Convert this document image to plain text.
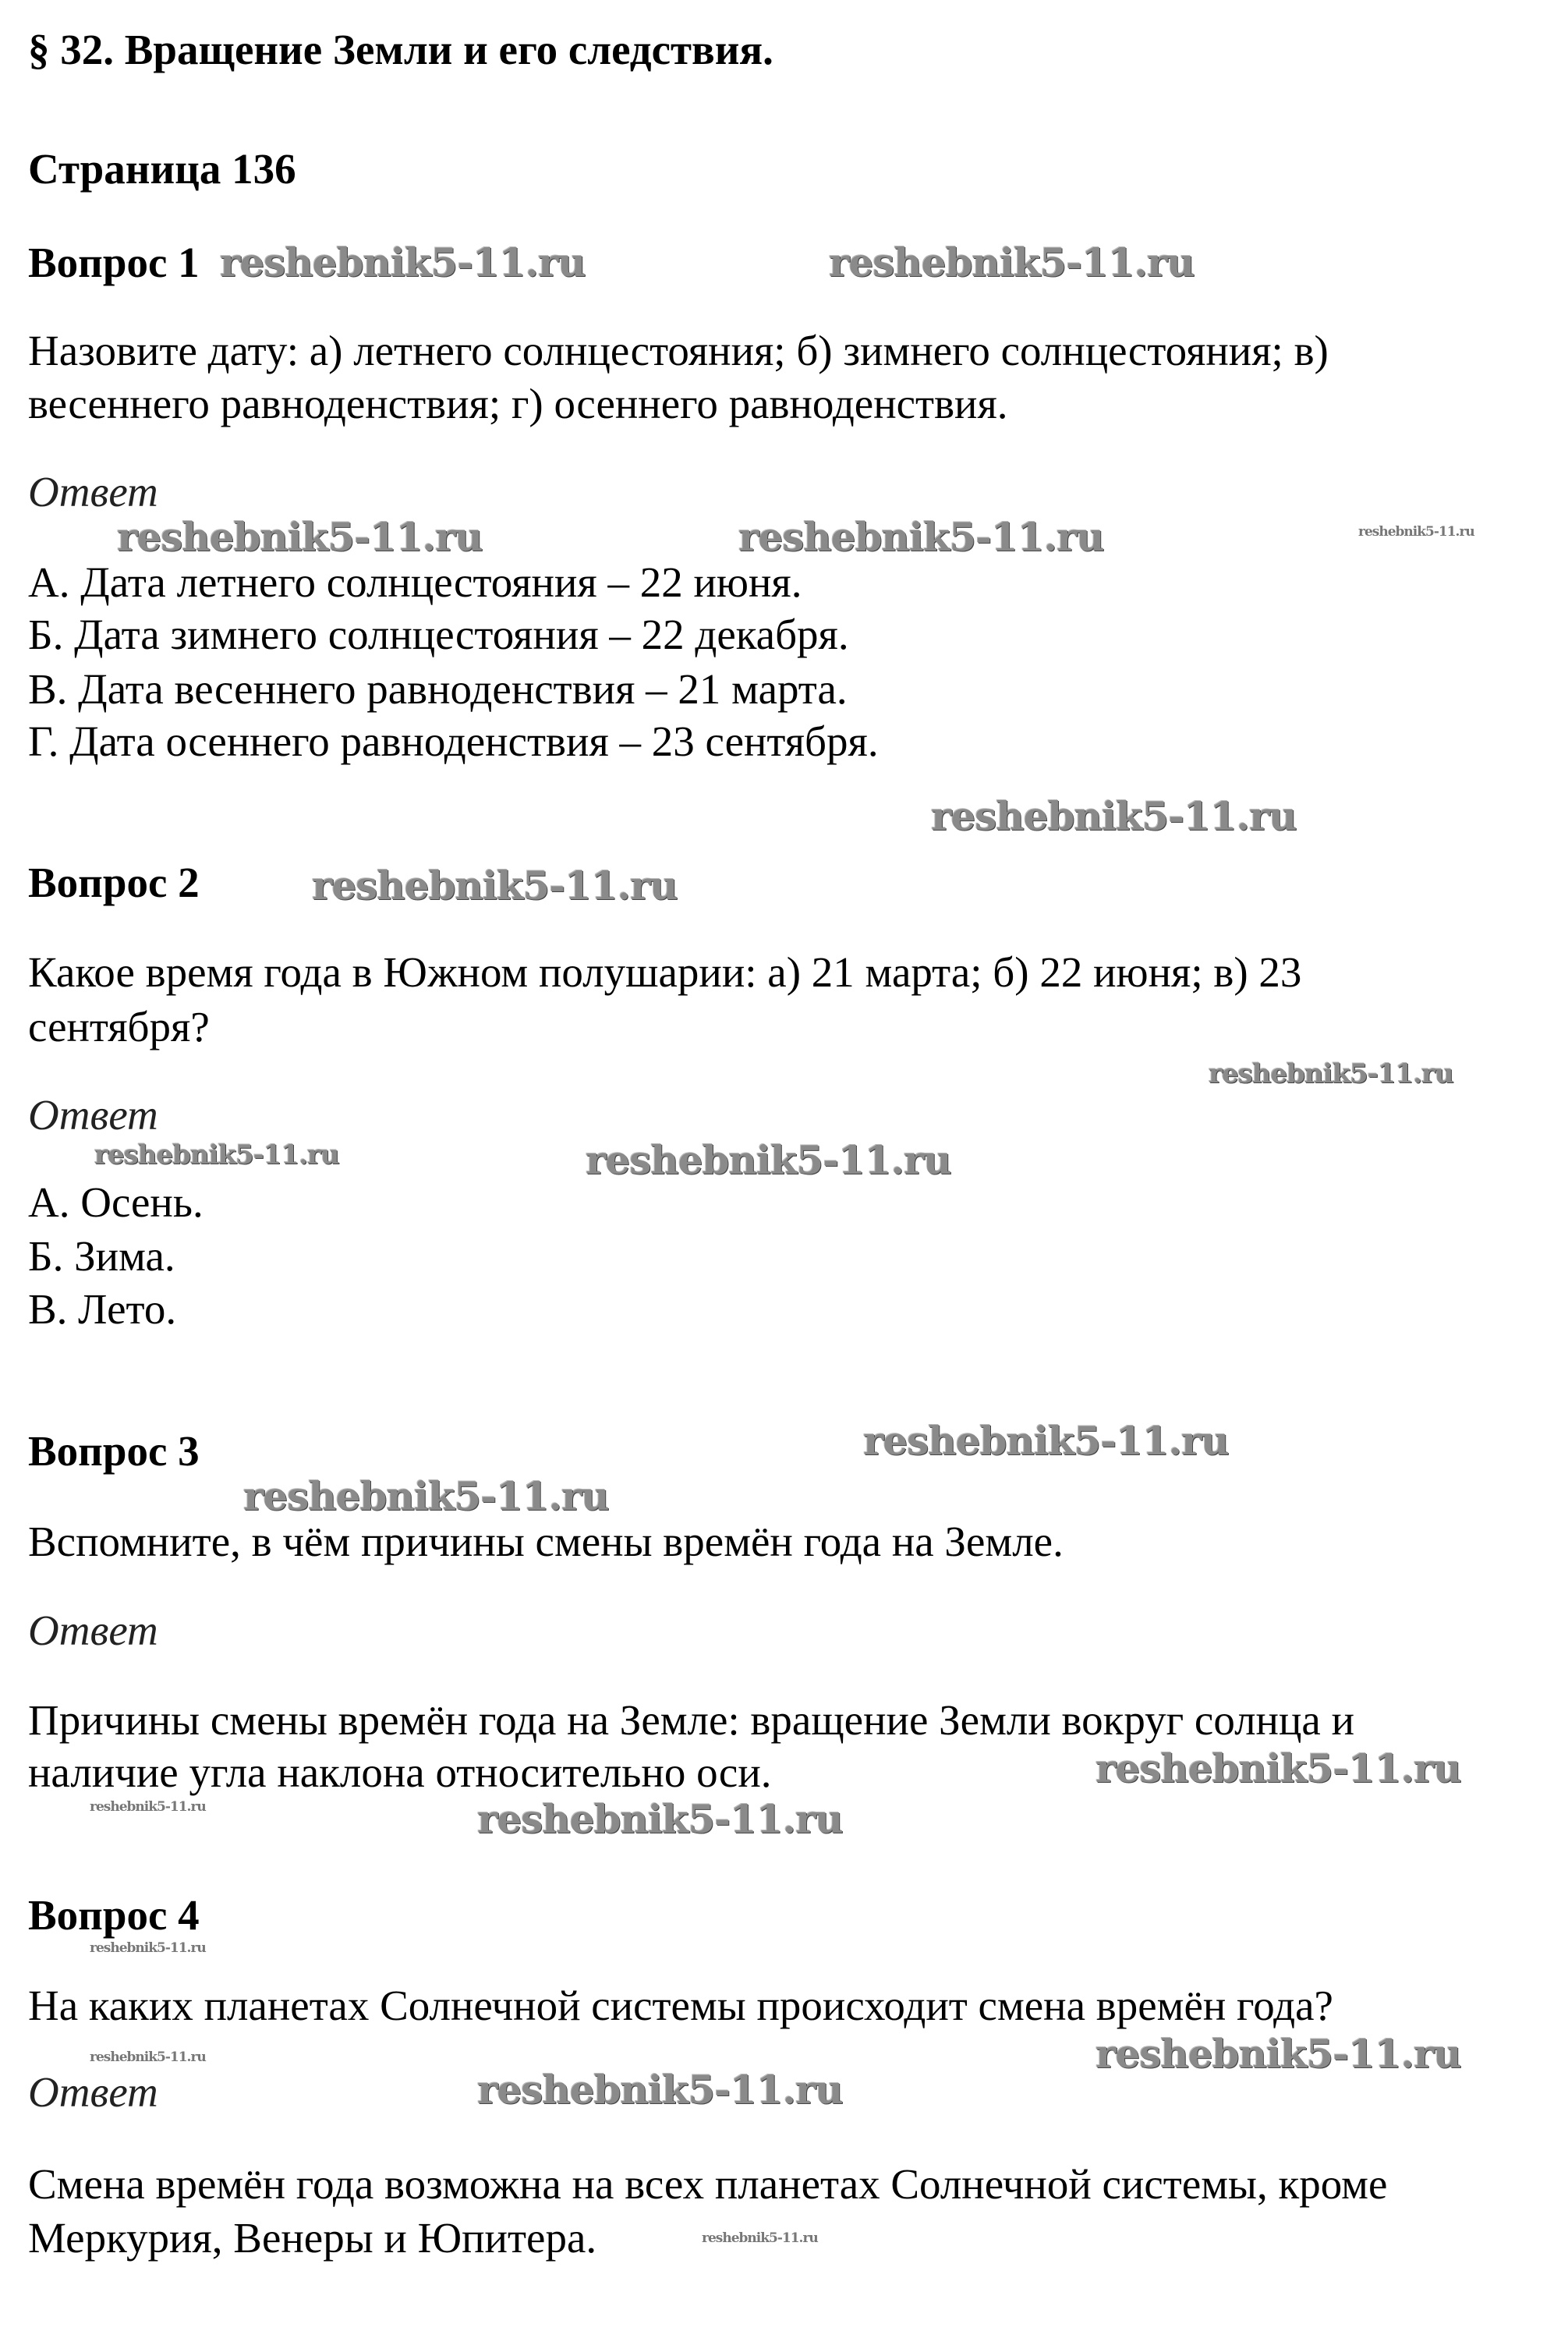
§ 32. Вращение Земли и его следствия.
Страница 136
Вопрос 1
Назовите дату: а) летнего солнцестояния; б) зимнего солнцестояния; в)
весеннего равноденствия; г) осеннего равноденствия.
Ответ
А. Дата летнего солнцестояния – 22 июня.
Б. Дата зимнего солнцестояния – 22 декабря.
В. Дата весеннего равноденствия – 21 марта.
Г. Дата осеннего равноденствия – 23 сентября.
Вопрос 2
Какое время года в Южном полушарии: а) 21 марта; б) 22 июня; в) 23
сентября?
Ответ
А. Осень.
Б. Зима.
В. Лето.
Вопрос 3
Вспомните, в чём причины смены времён года на Земле.
Ответ
Причины смены времён года на Земле: вращение Земли вокруг солнца и
наличие угла наклона относительно оси.
Вопрос 4
На каких планетах Солнечной системы происходит смена времён года?
Ответ
Смена времён года возможна на всех планетах Солнечной системы, кроме
Меркурия, Венеры и Юпитера.
reshebnik5-11.ru	reshebnik5-11.ru
reshebnik5-11.ru	reshebnik5-11.ru	reshebnik5-11.ru
reshebnik5-11.ru
reshebnik5-11.ru
reshebnik5-11.ru
reshebnik5-11.ru	reshebnik5-11.ru
reshebnik5-11.ru
reshebnik5-11.ru
reshebnik5-11.ru
reshebnik5-11.ru	reshebnik5-11.ru
reshebnik5-11.ru
reshebnik5-11.ru
reshebnik5-11.ru
reshebnik5-11.ru
reshebnik5-11.ru
